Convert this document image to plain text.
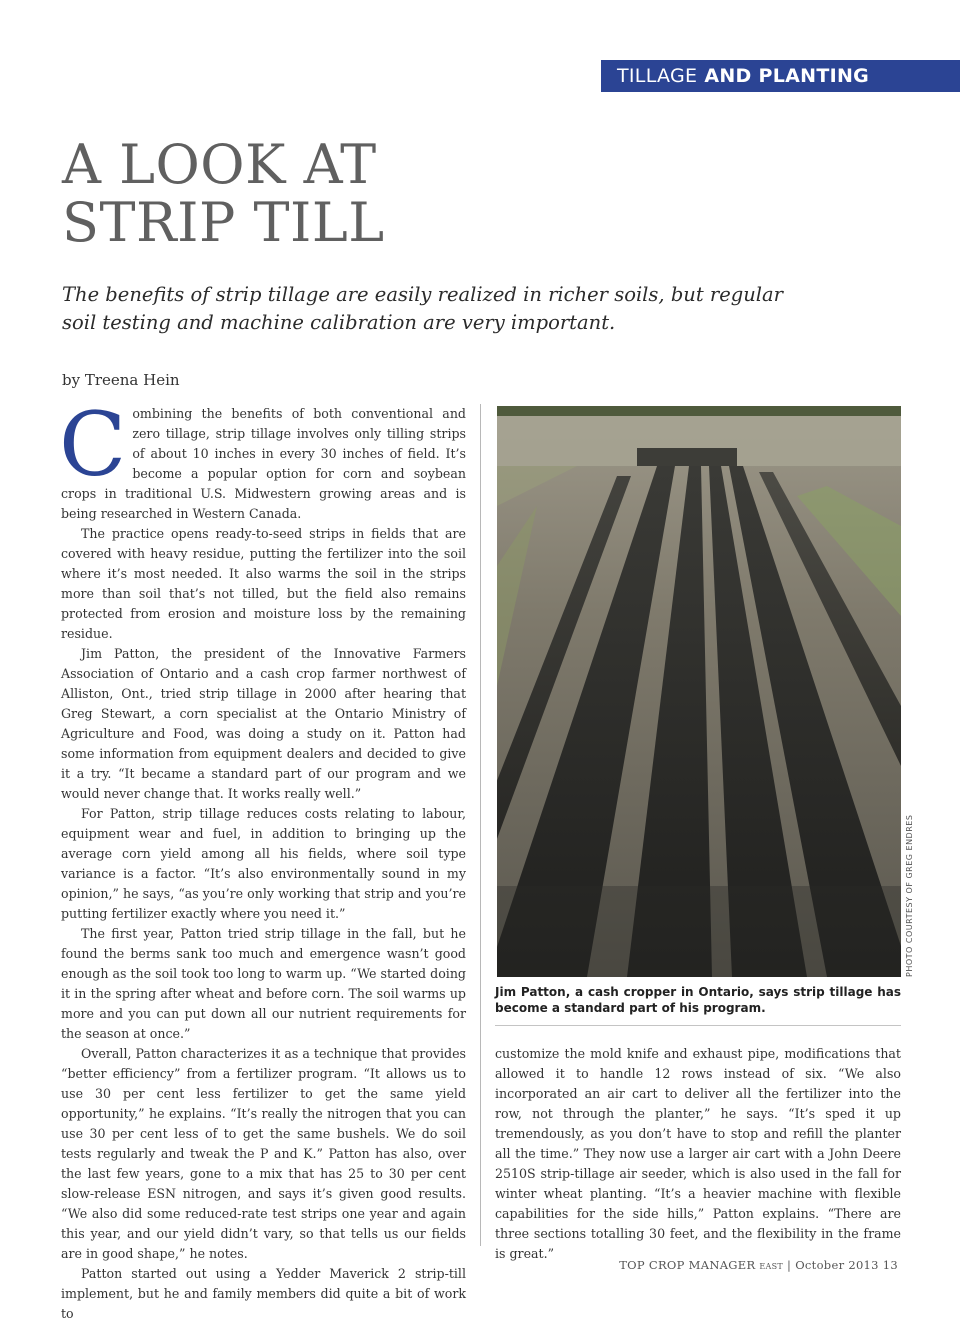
TILLAGE AND PLANTING
A LOOK AT
STRIP TILL

The benefits of strip tillage are easily realized in richer soils, but regular soil testing and machine calibration are very important.

by Treena Hein

Combining the benefits of both conventional and zero tillage, strip tillage involves only tilling strips of about 10 inches in every 30 inches of field. It’s become a popular option for corn and soybean crops in traditional U.S. Midwestern growing areas and is being researched in Western Canada.

The practice opens ready-to-seed strips in fields that are covered with heavy residue, putting the fertilizer into the soil where it’s most needed. It also warms the soil in the strips more than soil that’s not tilled, but the field also remains protected from erosion and moisture loss by the remaining residue.

Jim Patton, the president of the Innovative Farmers Association of Ontario and a cash crop farmer northwest of Alliston, Ont., tried strip tillage in 2000 after hearing that Greg Stewart, a corn specialist at the Ontario Ministry of Agriculture and Food, was doing a study on it. Patton had some information from equipment dealers and decided to give it a try. “It became a standard part of our program and we would never change that. It works really well.”

For Patton, strip tillage reduces costs relating to labour, equipment wear and fuel, in addition to bringing up the average corn yield among all his fields, where soil type variance is a factor. “It’s also environmentally sound in my opinion,” he says, “as you’re only working that strip and you’re putting fertilizer exactly where you need it.”

The first year, Patton tried strip tillage in the fall, but he found the berms sank too much and emergence wasn’t good enough as the soil took too long to warm up. “We started doing it in the spring after wheat and before corn. The soil warms up more and you can put down all our nutrient requirements for the season at once.”

Overall, Patton characterizes it as a technique that provides “better efficiency” from a fertilizer program. “It allows us to use 30 per cent less fertilizer to get the same yield opportunity,” he explains. “It’s really the nitrogen that you can use 30 per cent less of to get the same bushels. We do soil tests regularly and tweak the P and K.” Patton has also, over the last few years, gone to a mix that has 25 to 30 per cent slow-release ESN nitrogen, and says it’s given good results. “We also did some reduced-rate test strips one year and again this year, and our yield didn’t vary, so that tells us our fields are in good shape,” he notes.

Patton started out using a Yedder Maverick 2 strip-till implement, but he and family members did quite a bit of work to

PHOTO COURTESY OF GREG ENDRES

Jim Patton, a cash cropper in Ontario, says strip tillage has become a standard part of his program.

customize the mold knife and exhaust pipe, modifications that allowed it to handle 12 rows instead of six. “We also incorporated an air cart to deliver all the fertilizer into the row, not through the planter,” he says. “It’s sped it up tremendously, as you don’t have to stop and refill the planter all the time.” They now use a larger air cart with a John Deere 2510S strip-tillage air seeder, which is also used in the fall for winter wheat planting. “It’s a heavier machine with flexible capabilities for the side hills,” Patton explains. “There are three sections totalling 30 feet, and the flexibility in the frame is great.”

TOP CROP MANAGER EAST | October 2013 13
